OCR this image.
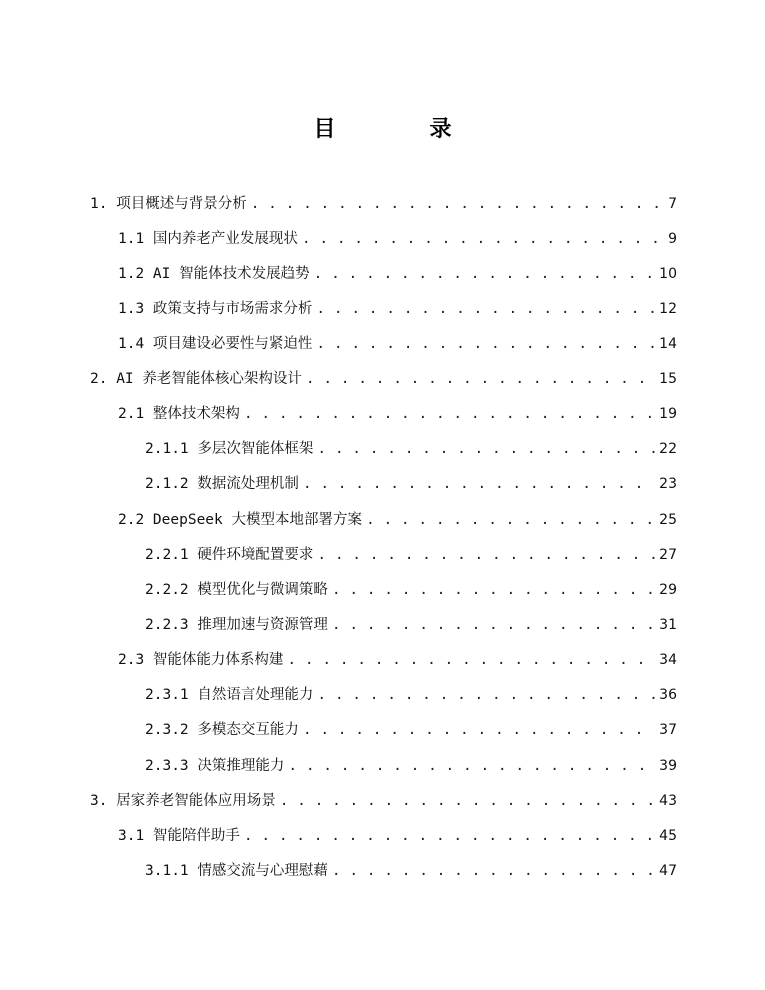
目　录
1. 项目概述与背景分析 . . .	7
1.1 国内养老产业发展现状 . . .	9
1.2 AI 智能体技术发展趋势 . . .	10
1.3 政策支持与市场需求分析 . . .	12
1.4 项目建设必要性与紧迫性 . . .	14
2. AI 养老智能体核心架构设计 . . .	15
2.1 整体技术架构 . . .	19
2.1.1 多层次智能体框架 . . .	22
2.1.2 数据流处理机制 . . .	23
2.2 DeepSeek 大模型本地部署方案 . . .	25
2.2.1 硬件环境配置要求 . . .	27
2.2.2 模型优化与微调策略 . . .	29
2.2.3 推理加速与资源管理 . . .	31
2.3 智能体能力体系构建 . . .	34
2.3.1 自然语言处理能力 . . .	36
2.3.2 多模态交互能力 . . .	37
2.3.3 决策推理能力 . . .	39
3. 居家养老智能体应用场景 . . .	43
3.1 智能陪伴助手 . . .	45
3.1.1 情感交流与心理慰藉 . . .	47
